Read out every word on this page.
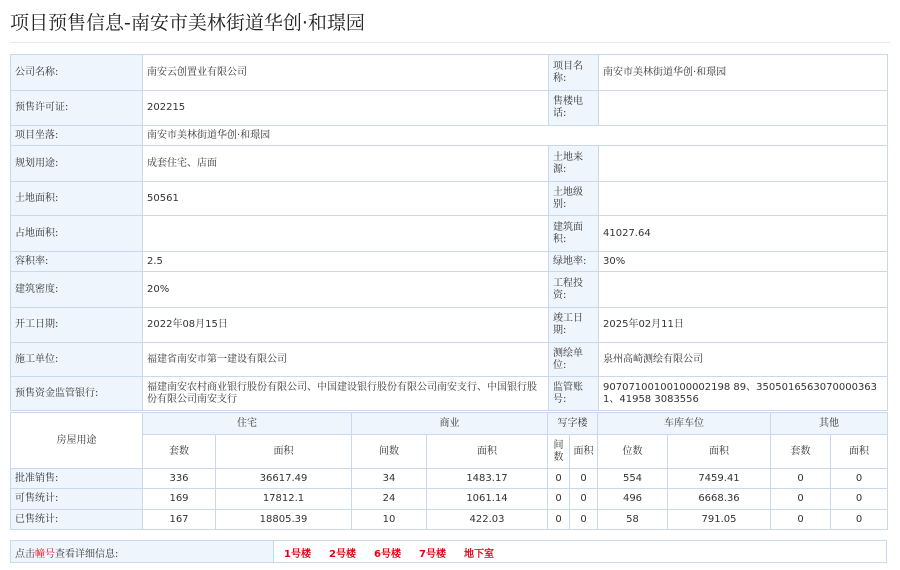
项目预售信息-南安市美林街道华创·和璟园
公司名称:	南安云创置业有限公司	项目名称:	南安市美林街道华创·和璟园
预售许可证:	202215	售楼电话:	
项目坐落:	南安市美林街道华创·和璟园		
规划用途:	成套住宅、店面	土地来源:	
土地面积:	50561	土地级别:	
占地面积:		建筑面积:	41027.64
容积率:	2.5	绿地率:	30%
建筑密度:	20%	工程投资:	
开工日期:	2022年08月15日	竣工日期:	2025年02月11日
施工单位:	福建省南安市第一建设有限公司	测绘单位:	泉州高崎测绘有限公司
预售资金监管银行:	福建南安农村商业银行股份有限公司、中国建设银行股份有限公司南安支行、中国银行股份有限公司南安支行	监管账号:	90707100100100002198 89、35050165630700003631、41958 3083556
房屋用途	住宅		商业		写字楼		车库车位		其他	
	套数	面积	间数	面积	间数	面积	位数	面积	套数	面积
批准销售:	336	36617.49	34	1483.17	0	0	554	7459.41	0	0
可售统计:	169	17812.1	24	1061.14	0	0	496	6668.36	0	0
已售统计:	167	18805.39	10	422.03	0	0	58	791.05	0	0
点击幢号查看详细信息:	1号楼 2号楼 6号楼 7号楼 地下室
